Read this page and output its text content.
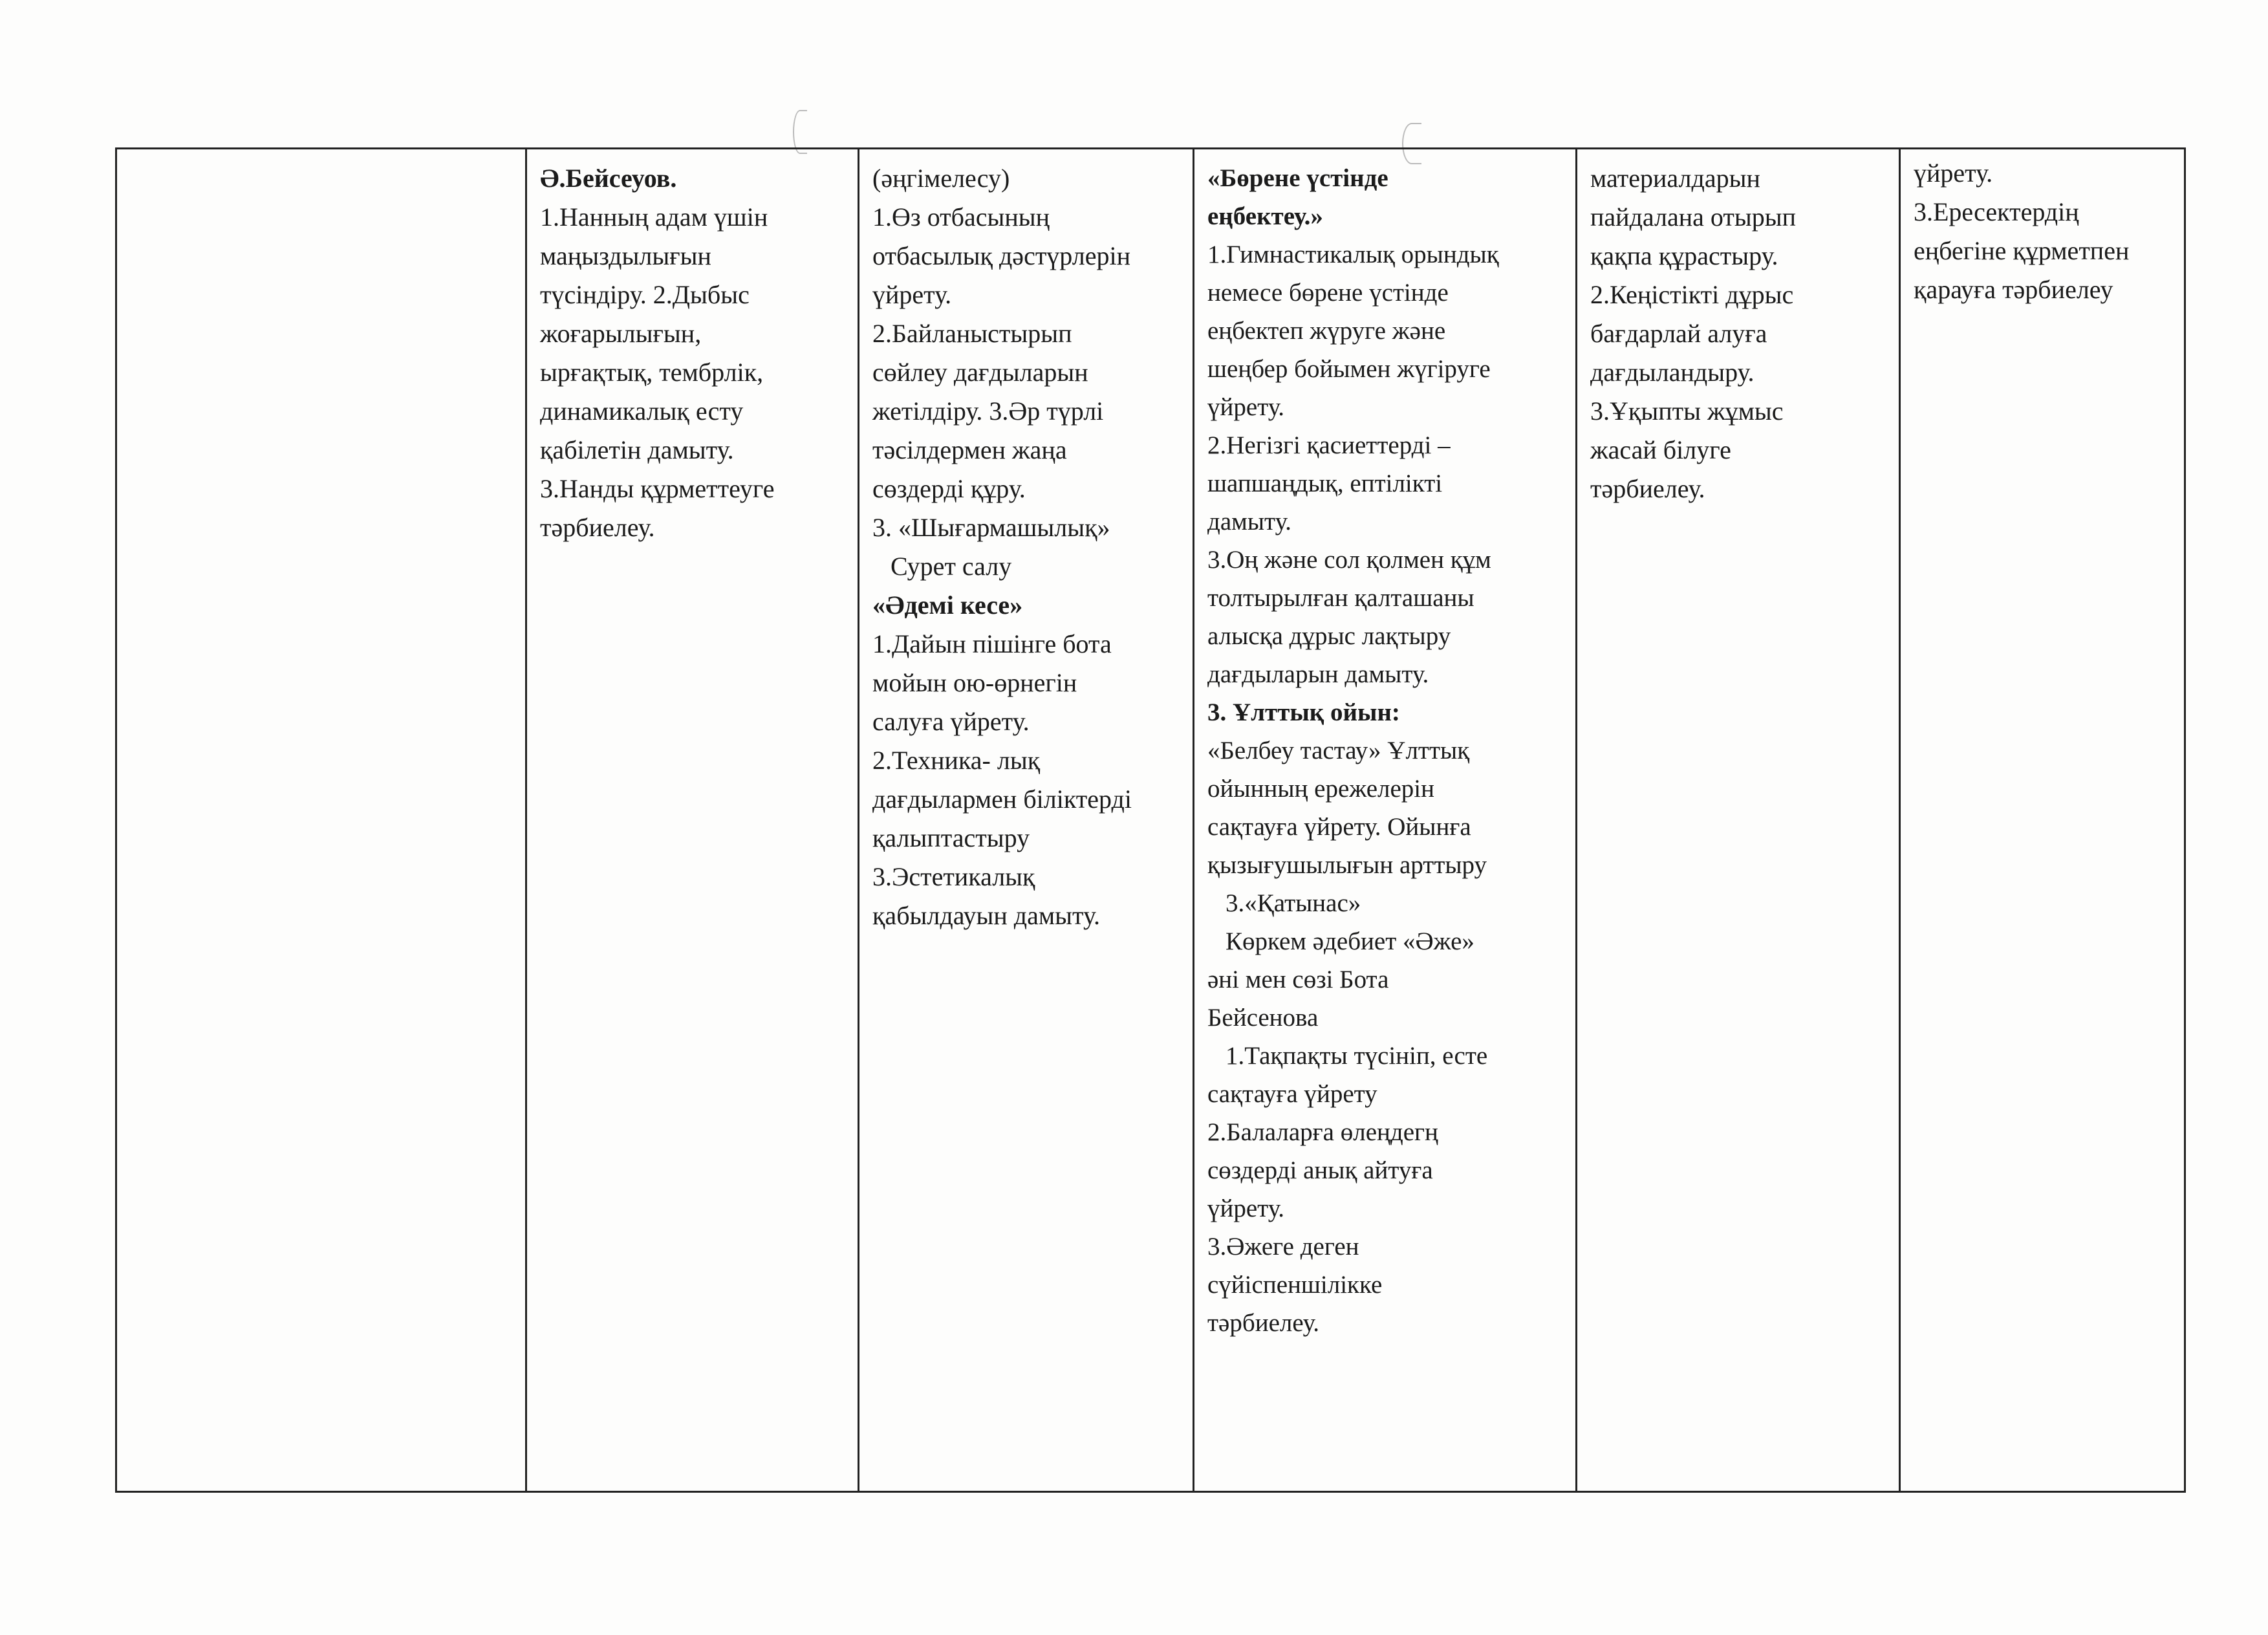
Ә.Бейсеуов.

1.Нанның адам үшін

маңыздылығын

түсіндіру. 2.Дыбыс

жоғарылығын,

ырғақтық, тембрлік,

динамикалық есту

қабілетін дамыту.

3.Нанды құрметтеуге

тәрбиелеу.

(әңгімелесу)

1.Өз отбасының

отбасылық дәстүрлерін

үйрету.

2.Байланыстырып

сөйлеу дағдыларын

жетілдіру. 3.Әр түрлі

тәсілдермен жаңа

сөздерді құру.

3. «Шығармашылық»

Сурет салу

«Әдемі кесе»

1.Дайын пішінге бота

мойын ою-өрнегін

салуға үйрету.

2.Техника- лық

дағдылармен біліктерді

қалыптастыру

3.Эстетикалық

қабылдауын дамыту.

«Бөрене үстінде

еңбектеу.»

1.Гимнастикалық орындық

немесе бөрене үстінде

еңбектеп жүруге және

шеңбер бойымен жүгіруге

үйрету.

2.Негізгі қасиеттерді –

шапшаңдық, ептілікті

дамыту.

3.Оң және сол қолмен құм

толтырылған қалташаны

алысқа дұрыс лақтыру

дағдыларын дамыту.

3. Ұлттық ойын:

«Белбеу тастау» Ұлттық

ойынның ережелерін

сақтауға үйрету. Ойынға

қызығушылығын арттыру

3.«Қатынас»

Көркем әдебиет «Әже»

әні мен сөзі Бота

Бейсенова

1.Тақпақты түсініп, есте

сақтауға үйрету

2.Балаларға өлеңдегң

сөздерді анық айтуға

үйрету.

3.Әжеге деген

сүйіспеншілікке

тәрбиелеу.

материалдарын

пайдалана отырып

қақпа құрастыру.

2.Кеңістікті дұрыс

бағдарлай алуға

дағдыландыру.

3.Ұқыпты жұмыс

жасай білуге

тәрбиелеу.

үйрету.

3.Ересектердің

еңбегіне құрметпен

қарауға тәрбиелеу
